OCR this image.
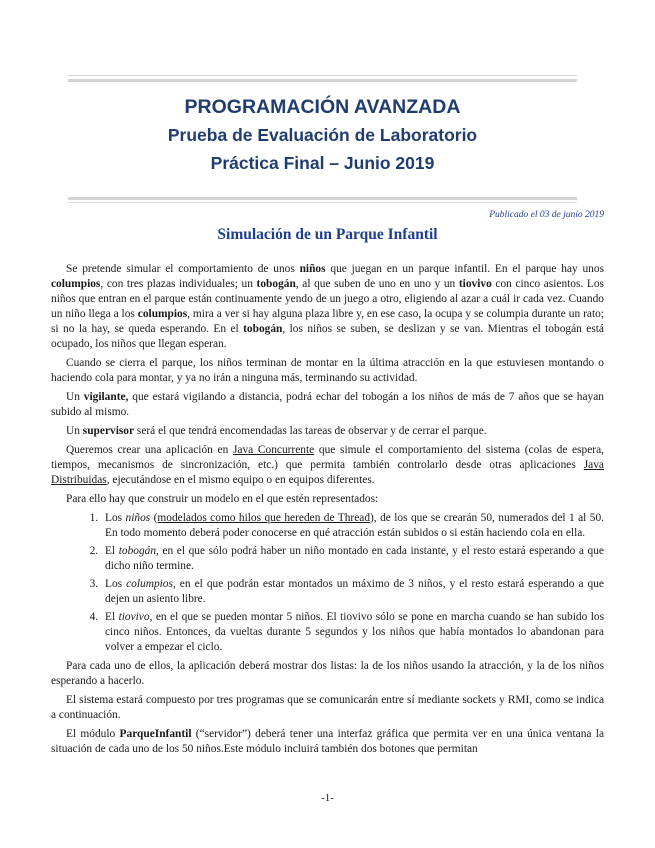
PROGRAMACIÓN AVANZADA
Prueba de Evaluación de Laboratorio
Práctica Final – Junio 2019
Publicado el 03 de junio 2019
Simulación de un Parque Infantil

Se pretende simular el comportamiento de unos niños que juegan en un parque infantil. En el parque hay unos columpios, con tres plazas individuales; un tobogán, al que suben de uno en uno y un tiovivo con cinco asientos. Los niños que entran en el parque están continuamente yendo de un juego a otro, eligiendo al azar a cuál ir cada vez. Cuando un niño llega a los columpios, mira a ver si hay alguna plaza libre y, en ese caso, la ocupa y se columpia durante un rato; si no la hay, se queda esperando. En el tobogán, los niños se suben, se deslizan y se van. Mientras el tobogán está ocupado, los niños que llegan esperan.

Cuando se cierra el parque, los niños terminan de montar en la última atracción en la que estuviesen montando o haciendo cola para montar, y ya no irán a ninguna más, terminando su actividad.

Un vigilante, que estará vigilando a distancia, podrá echar del tobogán a los niños de más de 7 años que se hayan subido al mismo.

Un supervisor será el que tendrá encomendadas las tareas de observar y de cerrar el parque.

Queremos crear una aplicación en Java Concurrente que simule el comportamiento del sistema (colas de espera, tiempos, mecanismos de sincronización, etc.) que permita también controlarlo desde otras aplicaciones Java Distribuidas, ejecutándose en el mismo equipo o en equipos diferentes.

Para ello hay que construir un modelo en el que estén representados:

1. Los niños (modelados como hilos que hereden de Thread), de los que se crearán 50, numerados del 1 al 50. En todo momento deberá poder conocerse en qué atracción están subidos o si están haciendo cola en ella.
2. El tobogán, en el que sólo podrá haber un niño montado en cada instante, y el resto estará esperando a que dicho niño termine.
3. Los columpios, en el que podrán estar montados un máximo de 3 niños, y el resto estará esperando a que dejen un asiento libre.
4. El tiovivo, en el que se pueden montar 5 niños. El tiovivo sólo se pone en marcha cuando se han subido los cinco niños. Entonces, da vueltas durante 5 segundos y los niños que había montados lo abandonan para volver a empezar el ciclo.

Para cada uno de ellos, la aplicación deberá mostrar dos listas: la de los niños usando la atracción, y la de los niños esperando a hacerlo.

El sistema estará compuesto por tres programas que se comunicarán entre sí mediante sockets y RMI, como se indica a continuación.

El módulo ParqueInfantil (“servidor”) deberá tener una interfaz gráfica que permita ver en una única ventana la situación de cada uno de los 50 niños.Este módulo incluirá también dos botones que permitan

-1-
